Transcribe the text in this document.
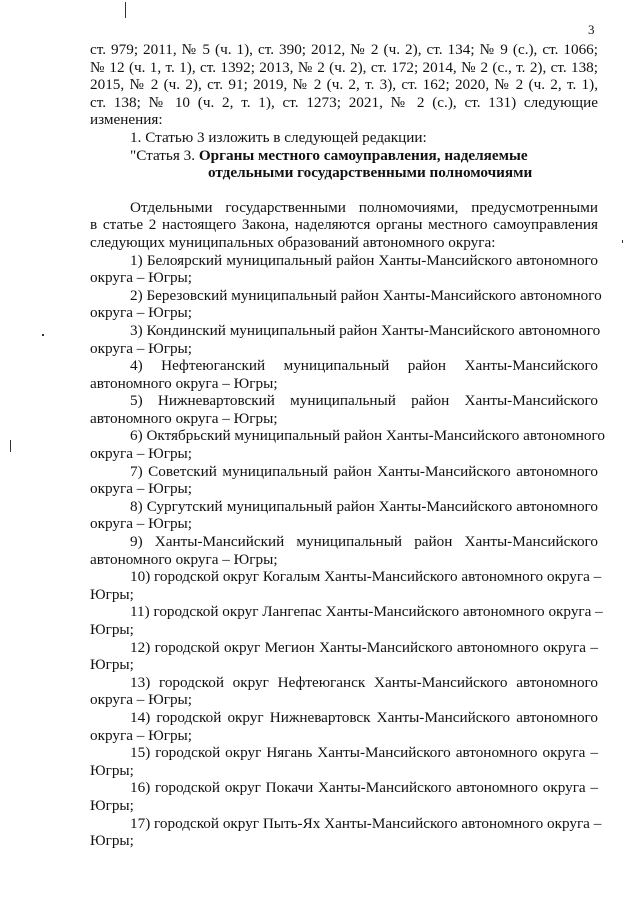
3
ст. 979; 2011, № 5 (ч. 1), ст. 390; 2012, № 2 (ч. 2), ст. 134; № 9 (с.), ст. 1066;
№ 12 (ч. 1, т. 1), ст. 1392; 2013, № 2 (ч. 2), ст. 172; 2014, № 2 (с., т. 2), ст. 138;
2015, № 2 (ч. 2), ст. 91; 2019, № 2 (ч. 2, т. 3), ст. 162; 2020, № 2 (ч. 2, т. 1),
ст. 138; № 10 (ч. 2, т. 1), ст. 1273; 2021, № 2 (с.), ст. 131) следующие
изменения:

1. Статью 3 изложить в следующей редакции:

"Статья 3. Органы местного самоуправления, наделяемые

отдельными государственными полномочиями

Отдельными государственными полномочиями, предусмотренными
в статье 2 настоящего Закона, наделяются органы местного самоуправления
следующих муниципальных образований автономного округа:
1) Белоярский муниципальный район Ханты-Мансийского автономного
округа – Югры;
2) Березовский муниципальный район Ханты-Мансийского автономного
округа – Югры;
3) Кондинский муниципальный район Ханты-Мансийского автономного
округа – Югры;
4) Нефтеюганский муниципальный район Ханты-Мансийского
автономного округа – Югры;
5) Нижневартовский муниципальный район Ханты-Мансийского
автономного округа – Югры;
6) Октябрьский муниципальный район Ханты-Мансийского автономного
округа – Югры;
7) Советский муниципальный район Ханты-Мансийского автономного
округа – Югры;
8) Сургутский муниципальный район Ханты-Мансийского автономного
округа – Югры;
9) Ханты-Мансийский муниципальный район Ханты-Мансийского
автономного округа – Югры;
10) городской округ Когалым Ханты-Мансийского автономного округа –
Югры;
11) городской округ Лангепас Ханты-Мансийского автономного округа –
Югры;
12) городской округ Мегион Ханты-Мансийского автономного округа –
Югры;
13) городской округ Нефтеюганск Ханты-Мансийского автономного
округа – Югры;
14) городской округ Нижневартовск Ханты-Мансийского автономного
округа – Югры;
15) городской округ Нягань Ханты-Мансийского автономного округа –
Югры;
16) городской округ Покачи Ханты-Мансийского автономного округа –
Югры;
17) городской округ Пыть-Ях Ханты-Мансийского автономного округа –
Югры;
